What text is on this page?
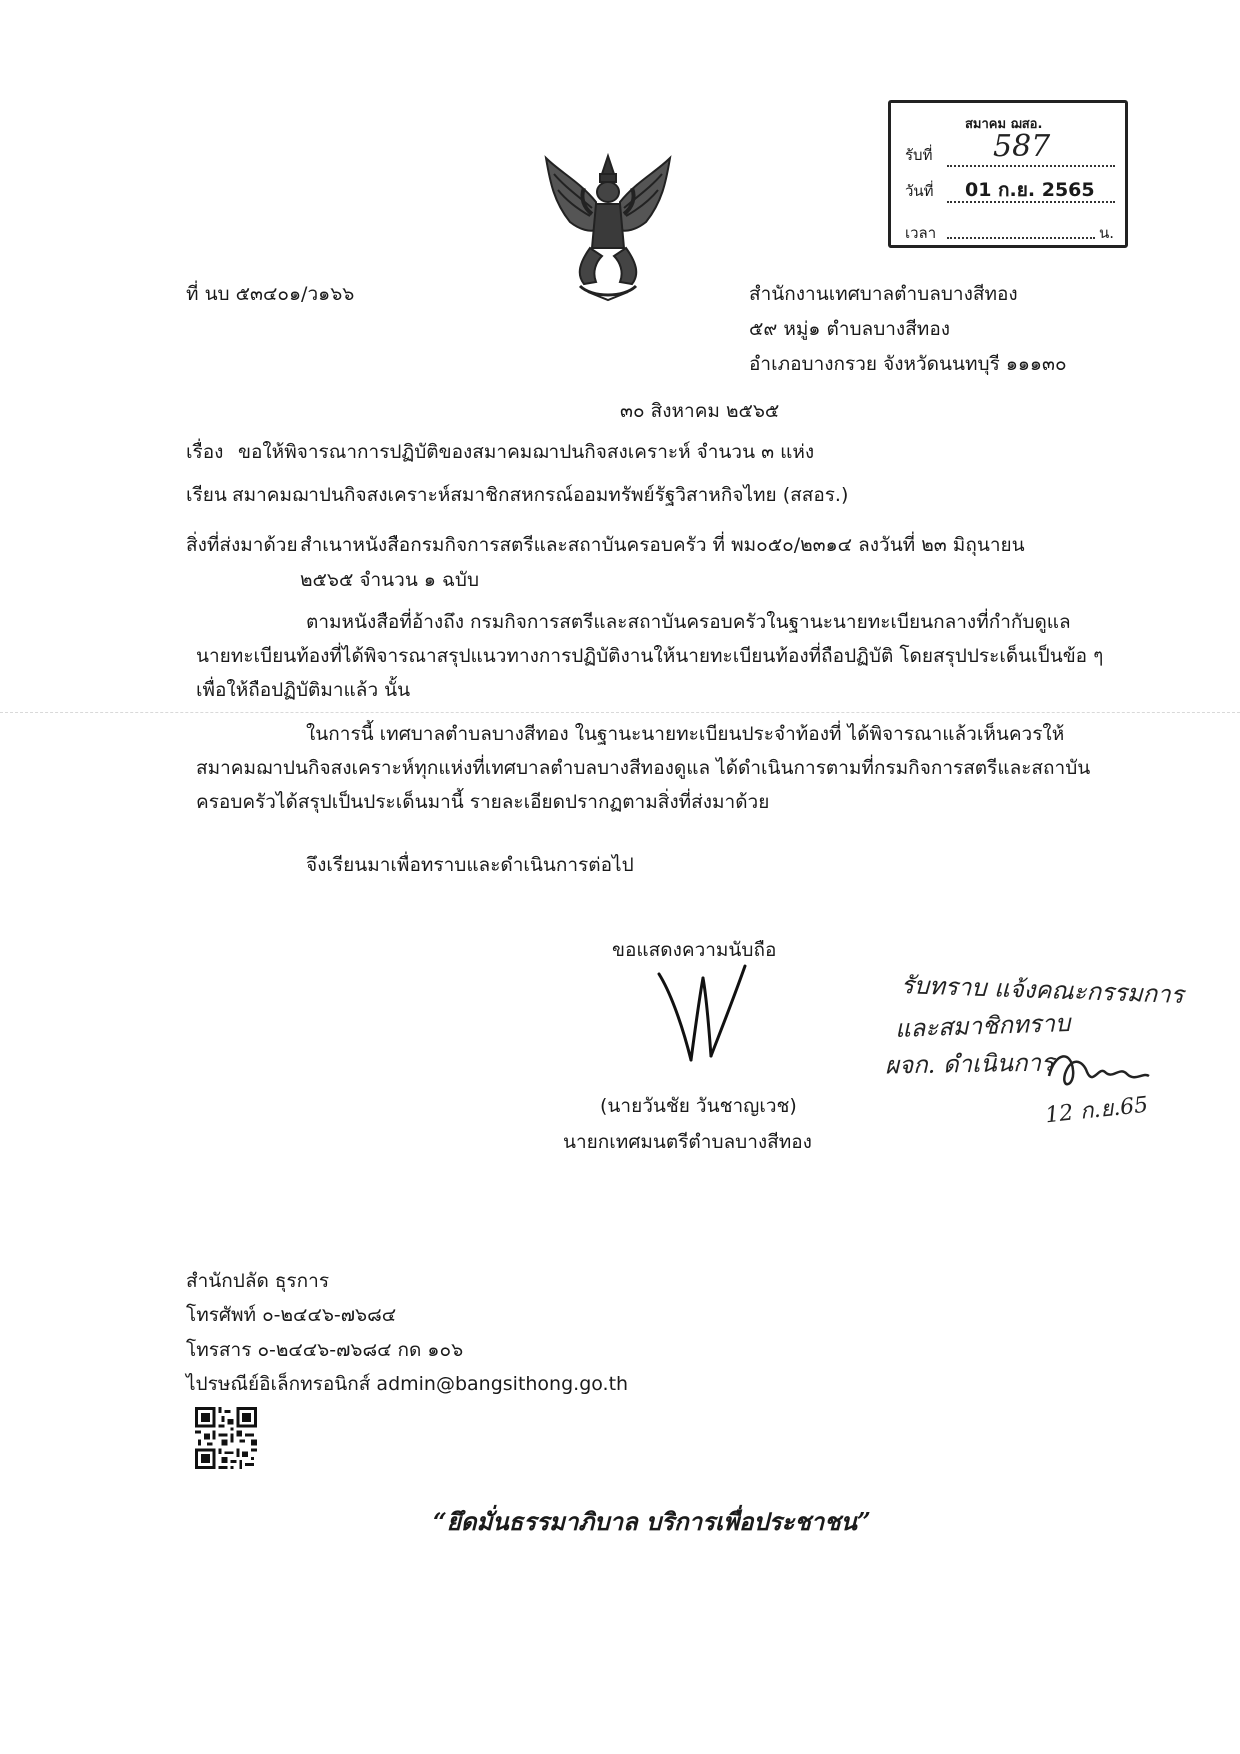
สมาคม ฌสอ.
รับที่ 587
วันที่ 01 ก.ย. 2565
เวลา	น.
ที่ นบ ๕๓๔๐๑/ว๑๖๖	สำนักงานเทศบาลตำบลบางสีทอง
๕๙ หมู่๑ ตำบลบางสีทอง
อำเภอบางกรวย จังหวัดนนทบุรี ๑๑๑๓๐
๓๐ สิงหาคม ๒๕๖๕
เรื่อง ขอให้พิจารณาการปฏิบัติของสมาคมฌาปนกิจสงเคราะห์ จำนวน ๓ แห่ง
เรียน สมาคมฌาปนกิจสงเคราะห์สมาชิกสหกรณ์ออมทรัพย์รัฐวิสาหกิจไทย (สสอร.)
สิ่งที่ส่งมาด้วย สำเนาหนังสือกรมกิจการสตรีและสถาบันครอบครัว ที่ พม๐๕๐/๒๓๑๔ ลงวันที่ ๒๓ มิถุนายน
๒๕๖๕ จำนวน ๑ ฉบับ
ตามหนังสือที่อ้างถึง กรมกิจการสตรีและสถาบันครอบครัวในฐานะนายทะเบียนกลางที่กำกับดูแล
นายทะเบียนท้องที่ได้พิจารณาสรุปแนวทางการปฏิบัติงานให้นายทะเบียนท้องที่ถือปฏิบัติ โดยสรุปประเด็นเป็นข้อ ๆ
เพื่อให้ถือปฏิบัติมาแล้ว นั้น
ในการนี้ เทศบาลตำบลบางสีทอง ในฐานะนายทะเบียนประจำท้องที่ ได้พิจารณาแล้วเห็นควรให้
สมาคมฌาปนกิจสงเคราะห์ทุกแห่งที่เทศบาลตำบลบางสีทองดูแล ได้ดำเนินการตามที่กรมกิจการสตรีและสถาบัน
ครอบครัวได้สรุปเป็นประเด็นมานี้ รายละเอียดปรากฏตามสิ่งที่ส่งมาด้วย
จึงเรียนมาเพื่อทราบและดำเนินการต่อไป
ขอแสดงความนับถือ
(นายวันชัย วันชาญเวช)
นายกเทศมนตรีตำบลบางสีทอง
รับทราบ แจ้งคณะกรรมการ
และสมาชิกทราบ
ผจก. ดำเนินการ
12 ก.ย.65
สำนักปลัด ธุรการ
โทรศัพท์ ๐-๒๔๔๖-๗๖๘๔
โทรสาร ๐-๒๔๔๖-๗๖๘๔ กด ๑๐๖
ไปรษณีย์อิเล็กทรอนิกส์ admin@bangsithong.go.th
“ยึดมั่นธรรมาภิบาล บริการเพื่อประชาชน”
